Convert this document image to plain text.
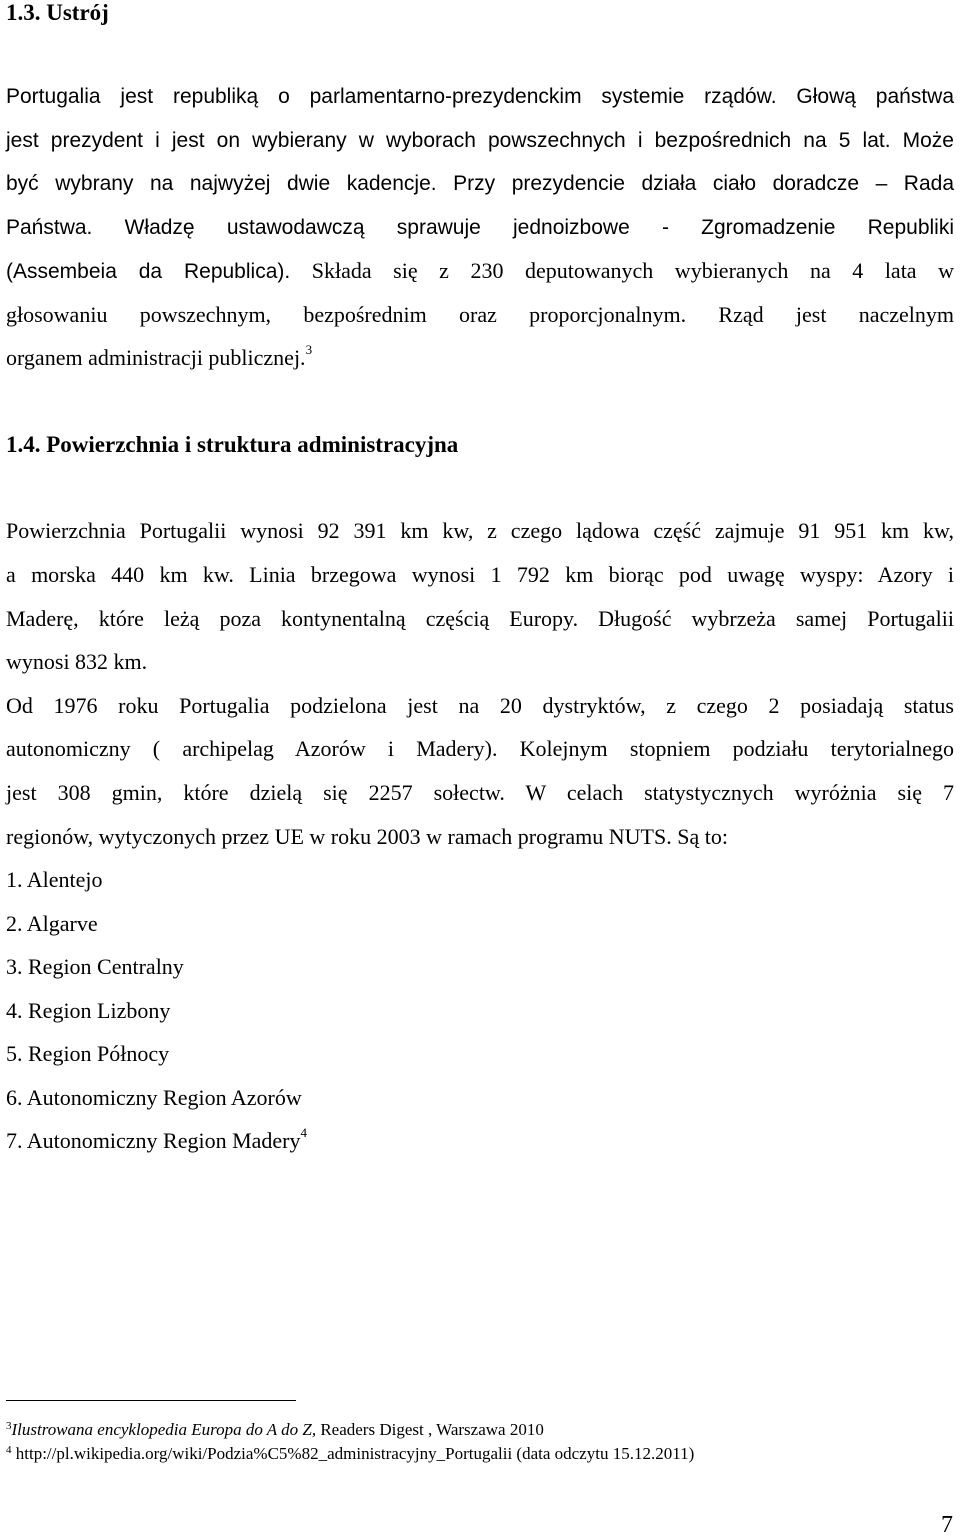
1.3. Ustrój
Portugalia jest republiką o parlamentarno-prezydenckim systemie rządów. Głową państwa
jest prezydent i jest on wybierany w wyborach powszechnych i bezpośrednich na 5 lat. Może
być wybrany na najwyżej dwie kadencje. Przy prezydencie działa ciało doradcze – Rada
Państwa. Władzę ustawodawczą sprawuje jednoizbowe - Zgromadzenie Republiki
(Assembeia da Republica). Składa się z 230 deputowanych wybieranych na 4 lata w
głosowaniu powszechnym, bezpośrednim oraz proporcjonalnym. Rząd jest naczelnym
organem administracji publicznej.$^3$
1.4. Powierzchnia i struktura administracyjna
Powierzchnia Portugalii wynosi 92 391 km kw, z czego lądowa część zajmuje 91 951 km kw,
a morska 440 km kw. Linia brzegowa wynosi 1 792 km biorąc pod uwagę wyspy: Azory i
Maderę, które leżą poza kontynentalną częścią Europy. Długość wybrzeża samej Portugalii
wynosi 832 km.
Od 1976 roku Portugalia podzielona jest na 20 dystryktów, z czego 2 posiadają status
autonomiczny ( archipelag Azorów i Madery). Kolejnym stopniem podziału terytorialnego
jest 308 gmin, które dzielą się 2257 sołectw. W celach statystycznych wyróżnia się 7
regionów, wytyczonych przez UE w roku 2003 w ramach programu NUTS. Są to:
1. Alentejo
2. Algarve
3. Region Centralny
4. Region Lizbony
5. Region Północy
6. Autonomiczny Region Azorów
7. Autonomiczny Region Madery$^4$
$^3$Ilustrowana encyklopedia Europa do A do Z, Readers Digest , Warszawa 2010
$^4$ http://pl.wikipedia.org/wiki/Podzia%C5%82_administracyjny_Portugalii (data odczytu 15.12.2011)
7
